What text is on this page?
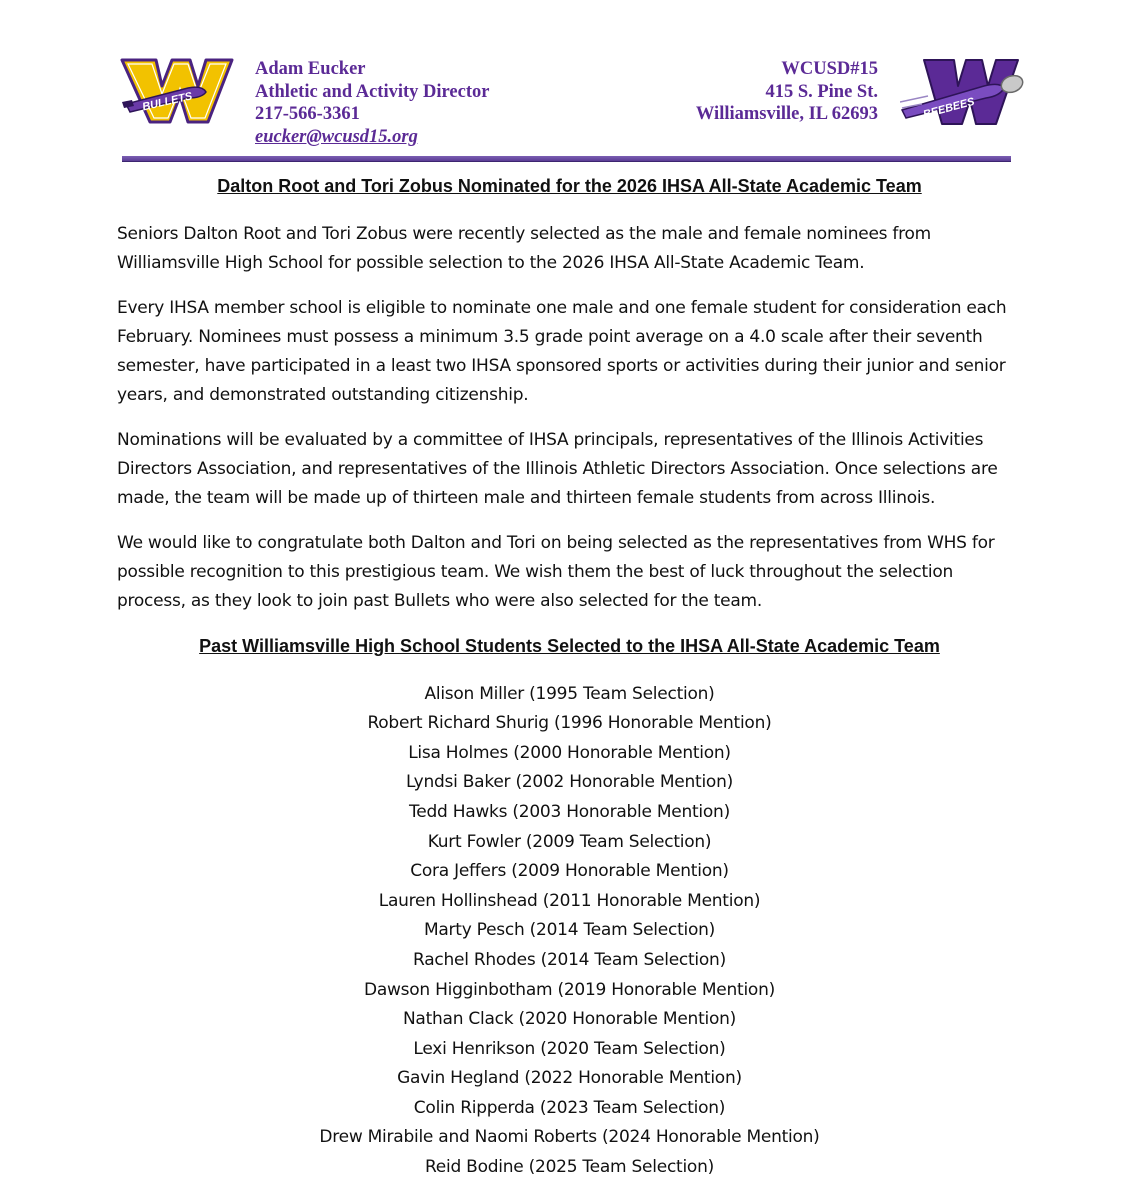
BULLETS
Adam Eucker
Athletic and Activity Director
217-566-3361
eucker@wcusd15.org
WCUSD#15
415 S. Pine St.
Williamsville, IL 62693	BEEBEES
Dalton Root and Tori Zobus Nominated for the 2026 IHSA All-State Academic Team

Seniors Dalton Root and Tori Zobus were recently selected as the male and female nominees from Williamsville High School for possible selection to the 2026 IHSA All-State Academic Team.

Every IHSA member school is eligible to nominate one male and one female student for consideration each February. Nominees must possess a minimum 3.5 grade point average on a 4.0 scale after their seventh semester, have participated in a least two IHSA sponsored sports or activities during their junior and senior years, and demonstrated outstanding citizenship.

Nominations will be evaluated by a committee of IHSA principals, representatives of the Illinois Activities Directors Association, and representatives of the Illinois Athletic Directors Association. Once selections are made, the team will be made up of thirteen male and thirteen female students from across Illinois.

We would like to congratulate both Dalton and Tori on being selected as the representatives from WHS for possible recognition to this prestigious team. We wish them the best of luck throughout the selection process, as they look to join past Bullets who were also selected for the team.

Past Williamsville High School Students Selected to the IHSA All-State Academic Team
Alison Miller (1995 Team Selection)
Robert Richard Shurig (1996 Honorable Mention)
Lisa Holmes (2000 Honorable Mention)
Lyndsi Baker (2002 Honorable Mention)
Tedd Hawks (2003 Honorable Mention)
Kurt Fowler (2009 Team Selection)
Cora Jeffers (2009 Honorable Mention)
Lauren Hollinshead (2011 Honorable Mention)
Marty Pesch (2014 Team Selection)
Rachel Rhodes (2014 Team Selection)
Dawson Higginbotham (2019 Honorable Mention)
Nathan Clack (2020 Honorable Mention)
Lexi Henrikson (2020 Team Selection)
Gavin Hegland (2022 Honorable Mention)
Colin Ripperda (2023 Team Selection)
Drew Mirabile and Naomi Roberts (2024 Honorable Mention)
Reid Bodine (2025 Team Selection)
